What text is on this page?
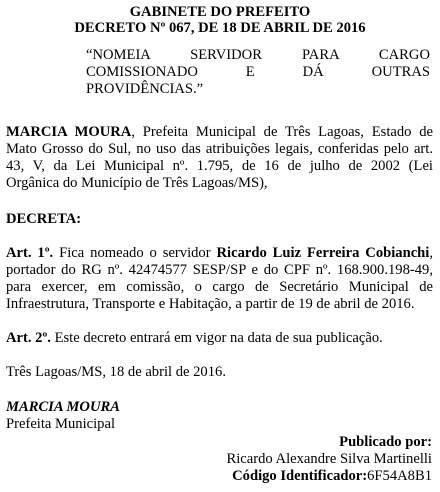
GABINETE DO PREFEITO
DECRETO Nº 067, DE 18 DE ABRIL DE 2016
“NOMEIA SERVIDOR PARA CARGO
COMISSIONADO E DÁ OUTRAS
PROVIDÊNCIAS.”
MARCIA MOURA, Prefeita Municipal de Três Lagoas, Estado de
Mato Grosso do Sul, no uso das atribuições legais, conferidas pelo art.
43, V, da Lei Municipal nº. 1.795, de 16 de julho de 2002 (Lei
Orgânica do Município de Três Lagoas/MS),
DECRETA:
Art. 1º. Fica nomeado o servidor Ricardo Luiz Ferreira Cobianchi,
portador do RG nº. 42474577 SESP/SP e do CPF nº. 168.900.198-49,
para exercer, em comissão, o cargo de Secretário Municipal de
Infraestrutura, Transporte e Habitação, a partir de 19 de abril de 2016.
Art. 2º. Este decreto entrará em vigor na data de sua publicação.
Três Lagoas/MS, 18 de abril de 2016.
MARCIA MOURA
Prefeita Municipal
Publicado por:
Ricardo Alexandre Silva Martinelli
Código Identificador:6F54A8B1
